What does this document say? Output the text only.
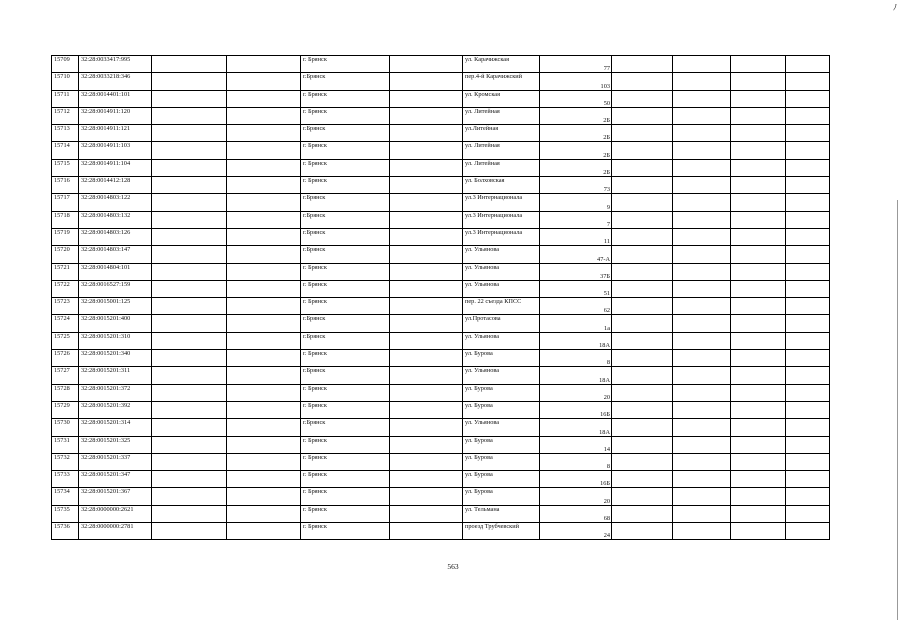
ﾉ
15709	32:28:0033417:995			г. Брянск		ул. Карачижская	77				
15710	32:28:0033218:346			г.Брянск		пер.4-й Карачижский	103				
15711	32:28:0014401:101			г. Брянск		ул. Кромская	50				
15712	32:28:0014911:120			г. Брянск		ул. Литейная	2Б				
15713	32:28:0014911:121			г.Брянск		ул.Литейная	2Б				
15714	32:28:0014911:103			г. Брянск		ул. Литейная	2Б				
15715	32:28:0014911:104			г. Брянск		ул. Литейная	2Б				
15716	32:28:0014412:128			г. Брянск		ул. Болховская	73				
15717	32:28:0014803:122			г.Брянск		ул.3 Интернационала	9				
15718	32:28:0014803:132			г.Брянск		ул.3 Интернационала	7				
15719	32:28:0014803:126			г.Брянск		ул.3 Интернационала	11				
15720	32:28:0014803:147			г.Брянск		ул. Ульянова	47-А				
15721	32:28:0014804:101			г. Брянск		ул. Ульянова	37Б				
15722	32:28:0016527:159			г. Брянск		ул. Ульянова	51				
15723	32:28:0015001:125			г. Брянск		пер. 22 съезда КПСС	62				
15724	32:28:0015201:400			г.Брянск		ул.Протасова	1а				
15725	32:28:0015201:310			г.Брянск		ул. Ульянова	18А				
15726	32:28:0015201:340			г. Брянск		ул. Бурова	8				
15727	32:28:0015201:311			г.Брянск		ул. Ульянова	18А				
15728	32:28:0015201:372			г. Брянск		ул. Бурова	20				
15729	32:28:0015201:392			г. Брянск		ул. Бурова	16Б				
15730	32:28:0015201:314			г.Брянск		ул. Ульянова	18А				
15731	32:28:0015201:325			г. Брянск		ул. Бурова	14				
15732	32:28:0015201:337			г. Брянск		ул. Бурова	8				
15733	32:28:0015201:347			г. Брянск		ул. Бурова	16Б				
15734	32:28:0015201:367			г. Брянск		ул. Бурова	20				
15735	32:28:0000000:2621			г. Брянск		ул. Тельмана	68				
15736	32:28:0000000:2781			г. Брянск		проезд Трубчевский	24				
563
